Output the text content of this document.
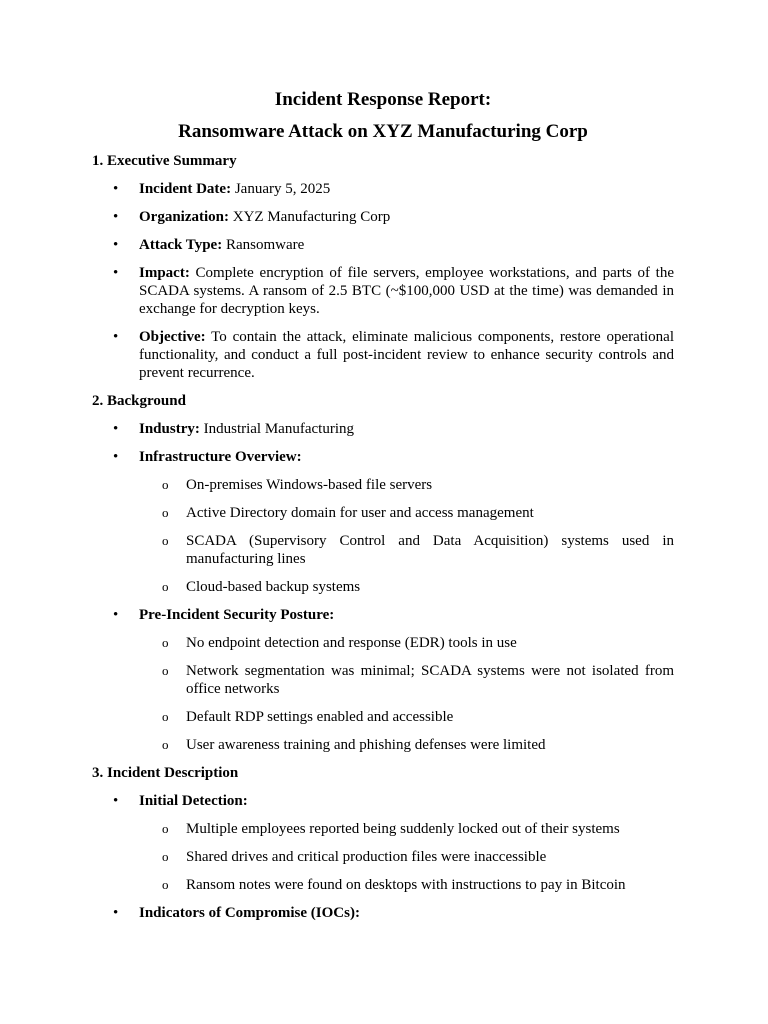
Incident Response Report:
Ransomware Attack on XYZ Manufacturing Corp
1. Executive Summary
• Incident Date: January 5, 2025
• Organization: XYZ Manufacturing Corp
• Attack Type: Ransomware
• Impact: Complete encryption of file servers, employee workstations, and parts of the SCADA systems. A ransom of 2.5 BTC (~$100,000 USD at the time) was demanded in exchange for decryption keys.
• Objective: To contain the attack, eliminate malicious components, restore operational functionality, and conduct a full post-incident review to enhance security controls and prevent recurrence.
2. Background
• Industry: Industrial Manufacturing
• Infrastructure Overview:
o On-premises Windows-based file servers
o Active Directory domain for user and access management
o SCADA (Supervisory Control and Data Acquisition) systems used in manufacturing lines
o Cloud-based backup systems
• Pre-Incident Security Posture:
o No endpoint detection and response (EDR) tools in use
o Network segmentation was minimal; SCADA systems were not isolated from office networks
o Default RDP settings enabled and accessible
o User awareness training and phishing defenses were limited
3. Incident Description
• Initial Detection:
o Multiple employees reported being suddenly locked out of their systems
o Shared drives and critical production files were inaccessible
o Ransom notes were found on desktops with instructions to pay in Bitcoin
• Indicators of Compromise (IOCs):
